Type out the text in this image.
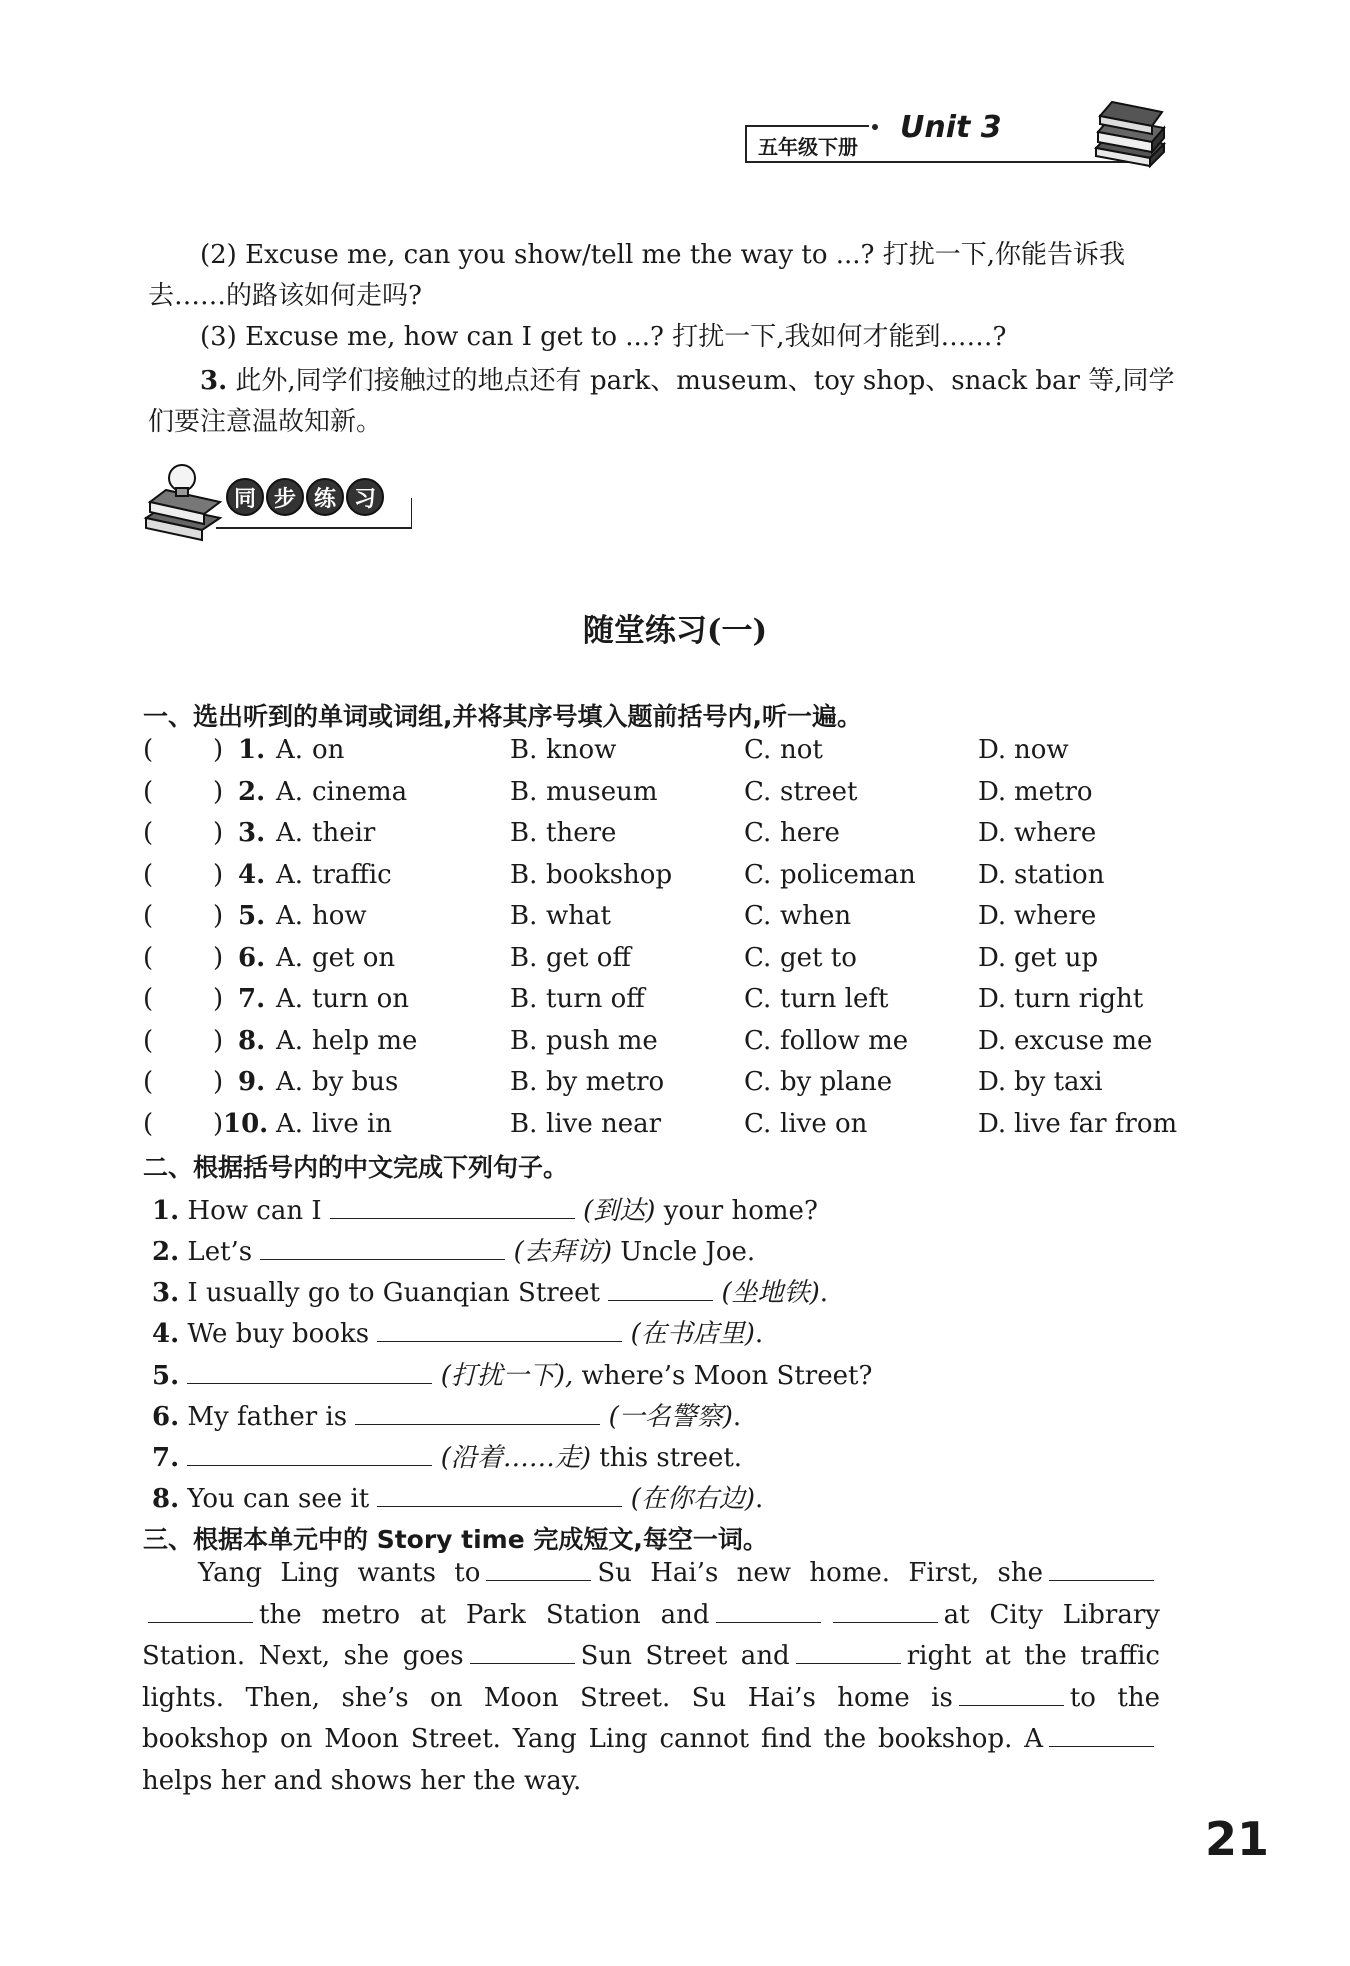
Unit 3
五年级下册
(2) Excuse me, can you show/tell me the way to ...? 打扰一下,你能告诉我
去……的路该如何走吗?
(3) Excuse me, how can I get to ...? 打扰一下,我如何才能到……?
3. 此外,同学们接触过的地点还有 park、museum、toy shop、snack bar 等,同学
们要注意温故知新。
同 步 练 习
随堂练习(一)
一、选出听到的单词或词组,并将其序号填入题前括号内,听一遍。
( ) 1. A. on	B. know	C. not	D. now
( ) 2. A. cinema	B. museum	C. street	D. metro
( ) 3. A. their	B. there	C. here	D. where
( ) 4. A. traffic	B. bookshop	C. policeman D. station
( ) 5. A. how	B. what	C. when	D. where
( ) 6. A. get on	B. get off	C. get to	D. get up
( ) 7. A. turn on	B. turn off	C. turn left	D. turn right
( ) 8. A. help me	B. push me	C. follow me	D. excuse me
( ) 9. A. by bus	B. by metro	C. by plane	D. by taxi
( ) 10. A. live in	B. live near	C. live on	D. live far from
二、根据括号内的中文完成下列句子。
1. How can I	(到达) your home?
2. Let’s	(去拜访) Uncle Joe.
3. I usually go to Guanqian Street	(坐地铁).
4. We buy books	(在书店里).
5.	(打扰一下), where’s Moon Street?
6. My father is	(一名警察).
7.	(沿着……走) this street.
8. You can see it	(在你右边).
三、根据本单元中的 Story time 完成短文,每空一词。
Yang Ling wants to	Su Hai’s new home. First, shethe metro at Park Station and	at City Library Station. Next, she goes	Sun Street and	right at the traffic lights. Then, she’s on Moon Street. Su Hai’s home is	to the bookshop on Moon Street. Yang Ling cannot find the bookshop. Ahelps her and shows her the way.
21
